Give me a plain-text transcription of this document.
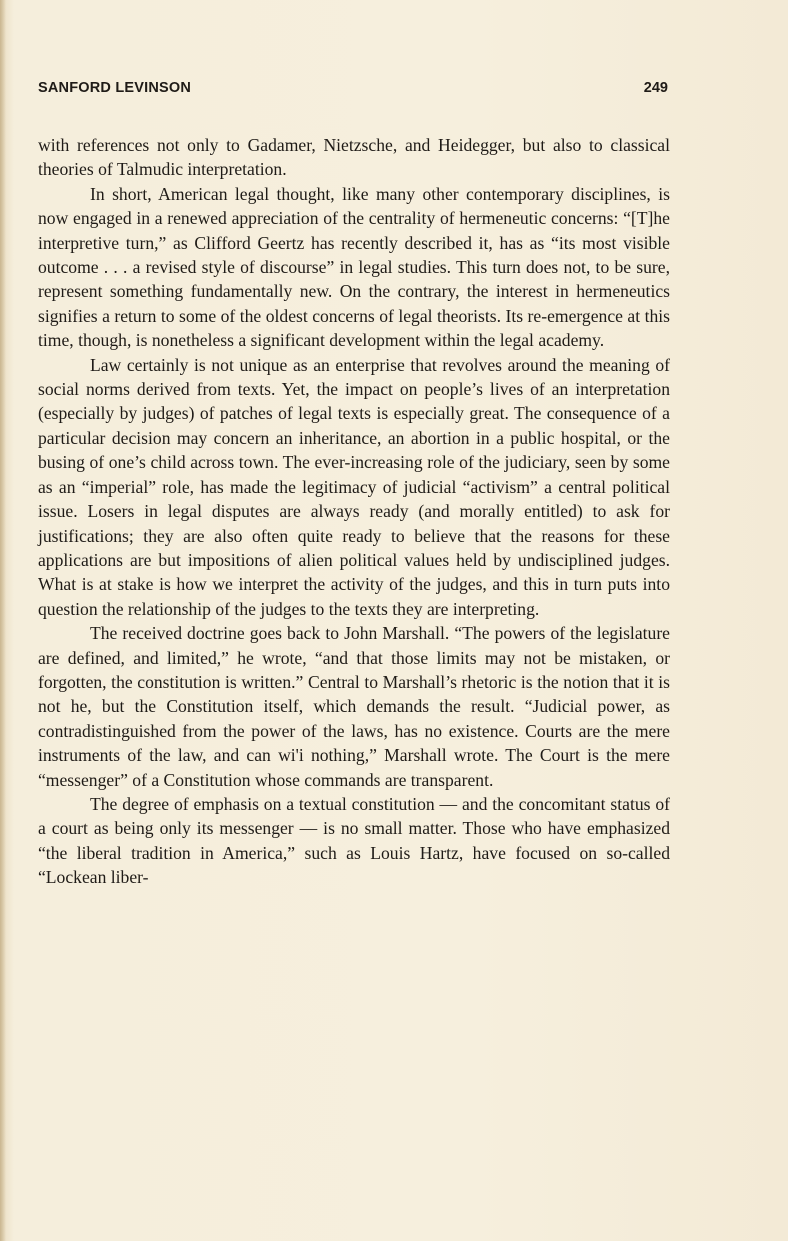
SANFORD LEVINSON	249

with references not only to Gadamer, Nietzsche, and Heidegger, but also to classical theories of Talmudic interpretation.

In short, American legal thought, like many other contemporary disciplines, is now engaged in a renewed appreciation of the centrality of hermeneutic concerns: “[T]he interpretive turn,” as Clifford Geertz has recently described it, has as “its most visible outcome . . . a revised style of discourse” in legal studies. This turn does not, to be sure, represent something fundamentally new. On the contrary, the interest in hermeneutics signifies a return to some of the oldest concerns of legal theorists. Its re-emergence at this time, though, is nonetheless a significant development within the legal academy.

Law certainly is not unique as an enterprise that revolves around the meaning of social norms derived from texts. Yet, the impact on people’s lives of an interpretation (especially by judges) of patches of legal texts is especially great. The consequence of a particular decision may concern an inheritance, an abortion in a public hospital, or the busing of one’s child across town. The ever-increasing role of the judiciary, seen by some as an “imperial” role, has made the legitimacy of judicial “activism” a central political issue. Losers in legal disputes are always ready (and morally entitled) to ask for justifications; they are also often quite ready to believe that the reasons for these applications are but impositions of alien political values held by undisciplined judges. What is at stake is how we interpret the activity of the judges, and this in turn puts into question the relationship of the judges to the texts they are interpreting.

The received doctrine goes back to John Marshall. “The powers of the legislature are defined, and limited,” he wrote, “and that those limits may not be mistaken, or forgotten, the constitution is written.” Central to Marshall’s rhetoric is the notion that it is not he, but the Constitution itself, which demands the result. “Judicial power, as contradistinguished from the power of the laws, has no existence. Courts are the mere instruments of the law, and can wi'i nothing,” Marshall wrote. The Court is the mere “messenger” of a Constitution whose commands are transparent.

The degree of emphasis on a textual constitution — and the concomitant status of a court as being only its messenger — is no small matter. Those who have emphasized “the liberal tradition in America,” such as Louis Hartz, have focused on so-called “Lockean liber-
